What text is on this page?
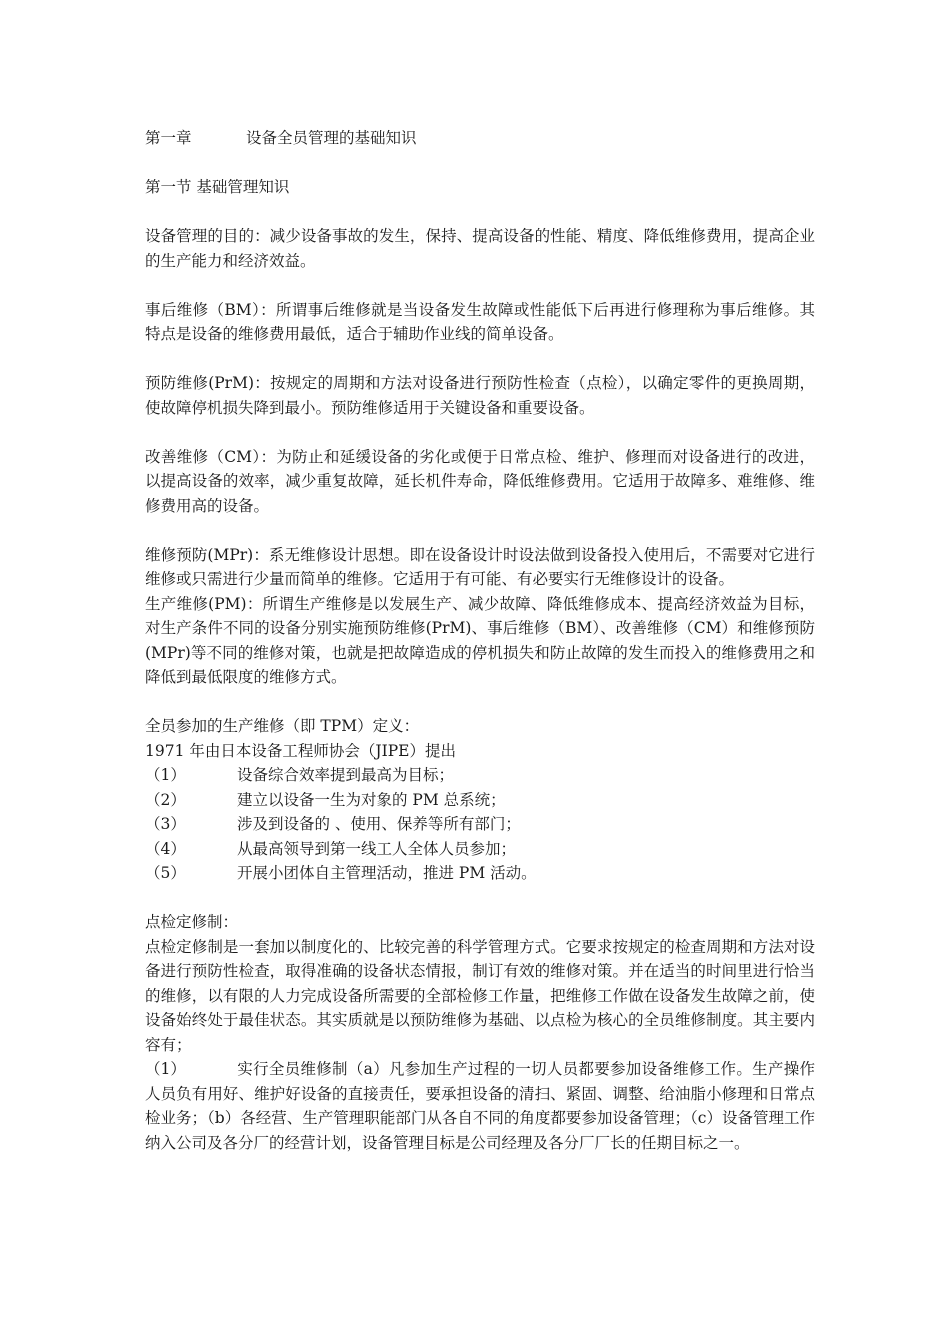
第一章	设备全员管理的基础知识

第一节 基础管理知识

设备管理的目的：减少设备事故的发生，保持、提高设备的性能、精度、降低维修费用，提高企业的生产能力和经济效益。

事后维修（BM）：所谓事后维修就是当设备发生故障或性能低下后再进行修理称为事后维修。其特点是设备的维修费用最低，适合于辅助作业线的简单设备。

预防维修(PrM)：按规定的周期和方法对设备进行预防性检查（点检），以确定零件的更换周期，使故障停机损失降到最小。预防维修适用于关键设备和重要设备。

改善维修（CM）：为防止和延缓设备的劣化或便于日常点检、维护、修理而对设备进行的改进，以提高设备的效率，减少重复故障，延长机件寿命，降低维修费用。它适用于故障多、难维修、维修费用高的设备。

维修预防(MPr)：系无维修设计思想。即在设备设计时设法做到设备投入使用后，不需要对它进行维修或只需进行少量而简单的维修。它适用于有可能、有必要实行无维修设计的设备。

生产维修(PM)：所谓生产维修是以发展生产、减少故障、降低维修成本、提高经济效益为目标，对生产条件不同的设备分别实施预防维修(PrM)、事后维修（BM）、改善维修（CM）和维修预防(MPr)等不同的维修对策，也就是把故障造成的停机损失和防止故障的发生而投入的维修费用之和降低到最低限度的维修方式。

全员参加的生产维修（即 TPM）定义：

1971 年由日本设备工程师协会（JIPE）提出

（1）	设备综合效率提到最高为目标；
（2）	建立以设备一生为对象的 PM 总系统；
（3）	涉及到设备的 、使用、保养等所有部门；
（4）	从最高领导到第一线工人全体人员参加；
（5）	开展小团体自主管理活动，推进 PM 活动。

点检定修制：

点检定修制是一套加以制度化的、比较完善的科学管理方式。它要求按规定的检查周期和方法对设备进行预防性检查，取得准确的设备状态情报，制订有效的维修对策。并在适当的时间里进行恰当的维修，以有限的人力完成设备所需要的全部检修工作量，把维修工作做在设备发生故障之前，使设备始终处于最佳状态。其实质就是以预防维修为基础、以点检为核心的全员维修制度。其主要内容有；

（1）	实行全员维修制（a）凡参加生产过程的一切人员都要参加设备维修工作。生产操作人员负有用好、维护好设备的直接责任，要承担设备的清扫、紧固、调整、给油脂小修理和日常点检业务；（b）各经营、生产管理职能部门从各自不同的角度都要参加设备管理；（c）设备管理工作纳入公司及各分厂的经营计划，设备管理目标是公司经理及各分厂厂长的任期目标之一。
